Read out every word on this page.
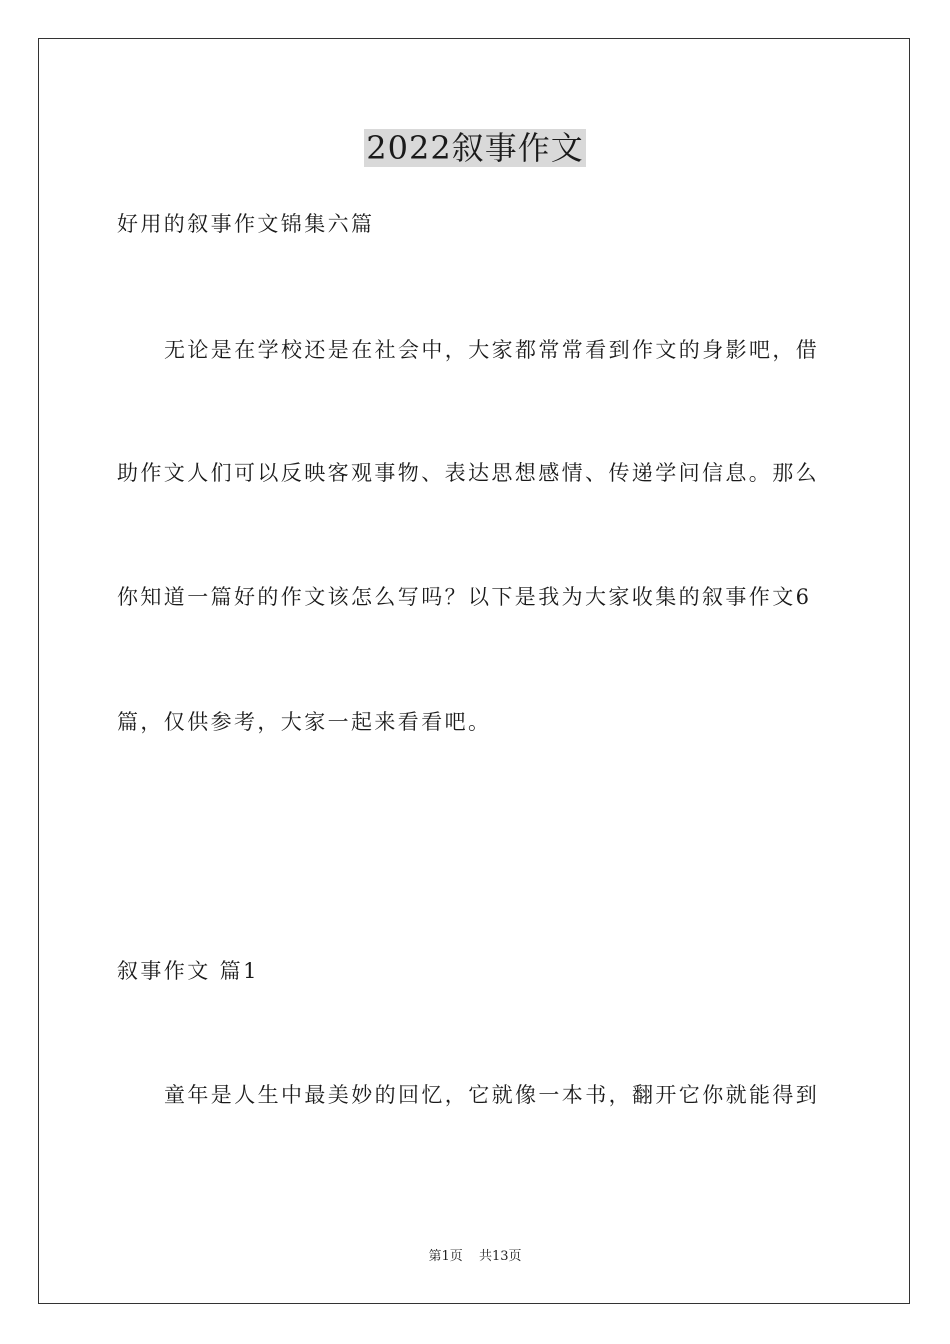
2022叙事作文
好用的叙事作文锦集六篇
无论是在学校还是在社会中，大家都常常看到作文的身影吧，借
助作文人们可以反映客观事物、表达思想感情、传递学问信息。那么
你知道一篇好的作文该怎么写吗？以下是我为大家收集的叙事作文6
篇，仅供参考，大家一起来看看吧。
叙事作文 篇1
童年是人生中最美妙的回忆，它就像一本书，翻开它你就能得到
第1页 共13页
